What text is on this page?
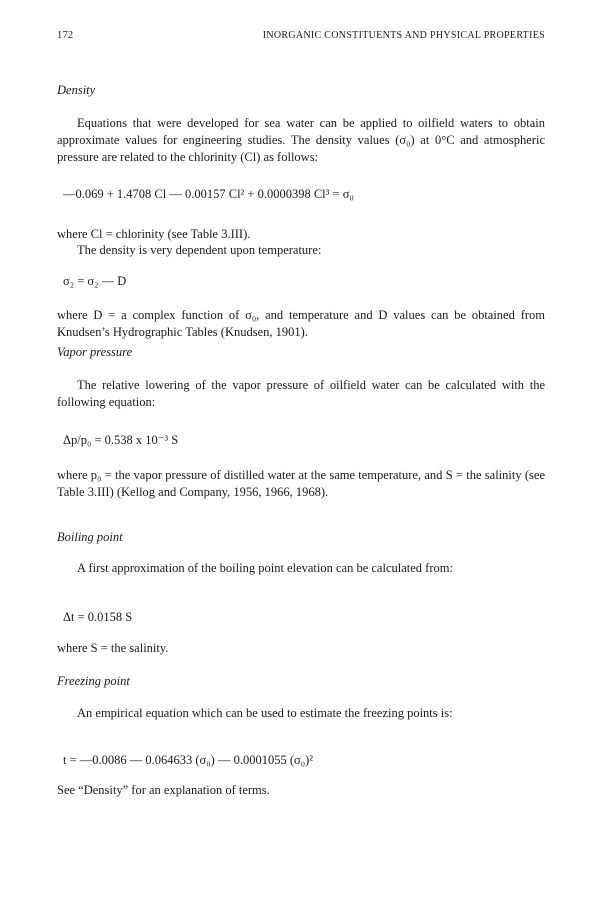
172	INORGANIC CONSTITUENTS AND PHYSICAL PROPERTIES
Density

Equations that were developed for sea water can be applied to oilfield waters to obtain approximate values for engineering studies. The density values (σ₀) at 0°C and atmospheric pressure are related to the chlorinity (Cl) as follows:

—0.069 + 1.4708 Cl — 0.00157 Cl² + 0.0000398 Cl³ = σ₀

where Cl = chlorinity (see Table 3.III).

The density is very dependent upon temperature:

σ₂ = σ₂ — D

where D = a complex function of σ₀, and temperature and D values can be obtained from Knudsen’s Hydrographic Tables (Knudsen, 1901).

Vapor pressure

The relative lowering of the vapor pressure of oilfield water can be calculated with the following equation:

Δp/p₀ = 0.538 x 10⁻³ S

where p₀ = the vapor pressure of distilled water at the same temperature, and S = the salinity (see Table 3.III) (Kellog and Company, 1956, 1966, 1968).

Boiling point

A first approximation of the boiling point elevation can be calculated from:

Δt = 0.0158 S

where S = the salinity.

Freezing point

An empirical equation which can be used to estimate the freezing points is:

t = —0.0086 — 0.064633 (σ₀) — 0.0001055 (σ₀)²

See “Density” for an explanation of terms.
